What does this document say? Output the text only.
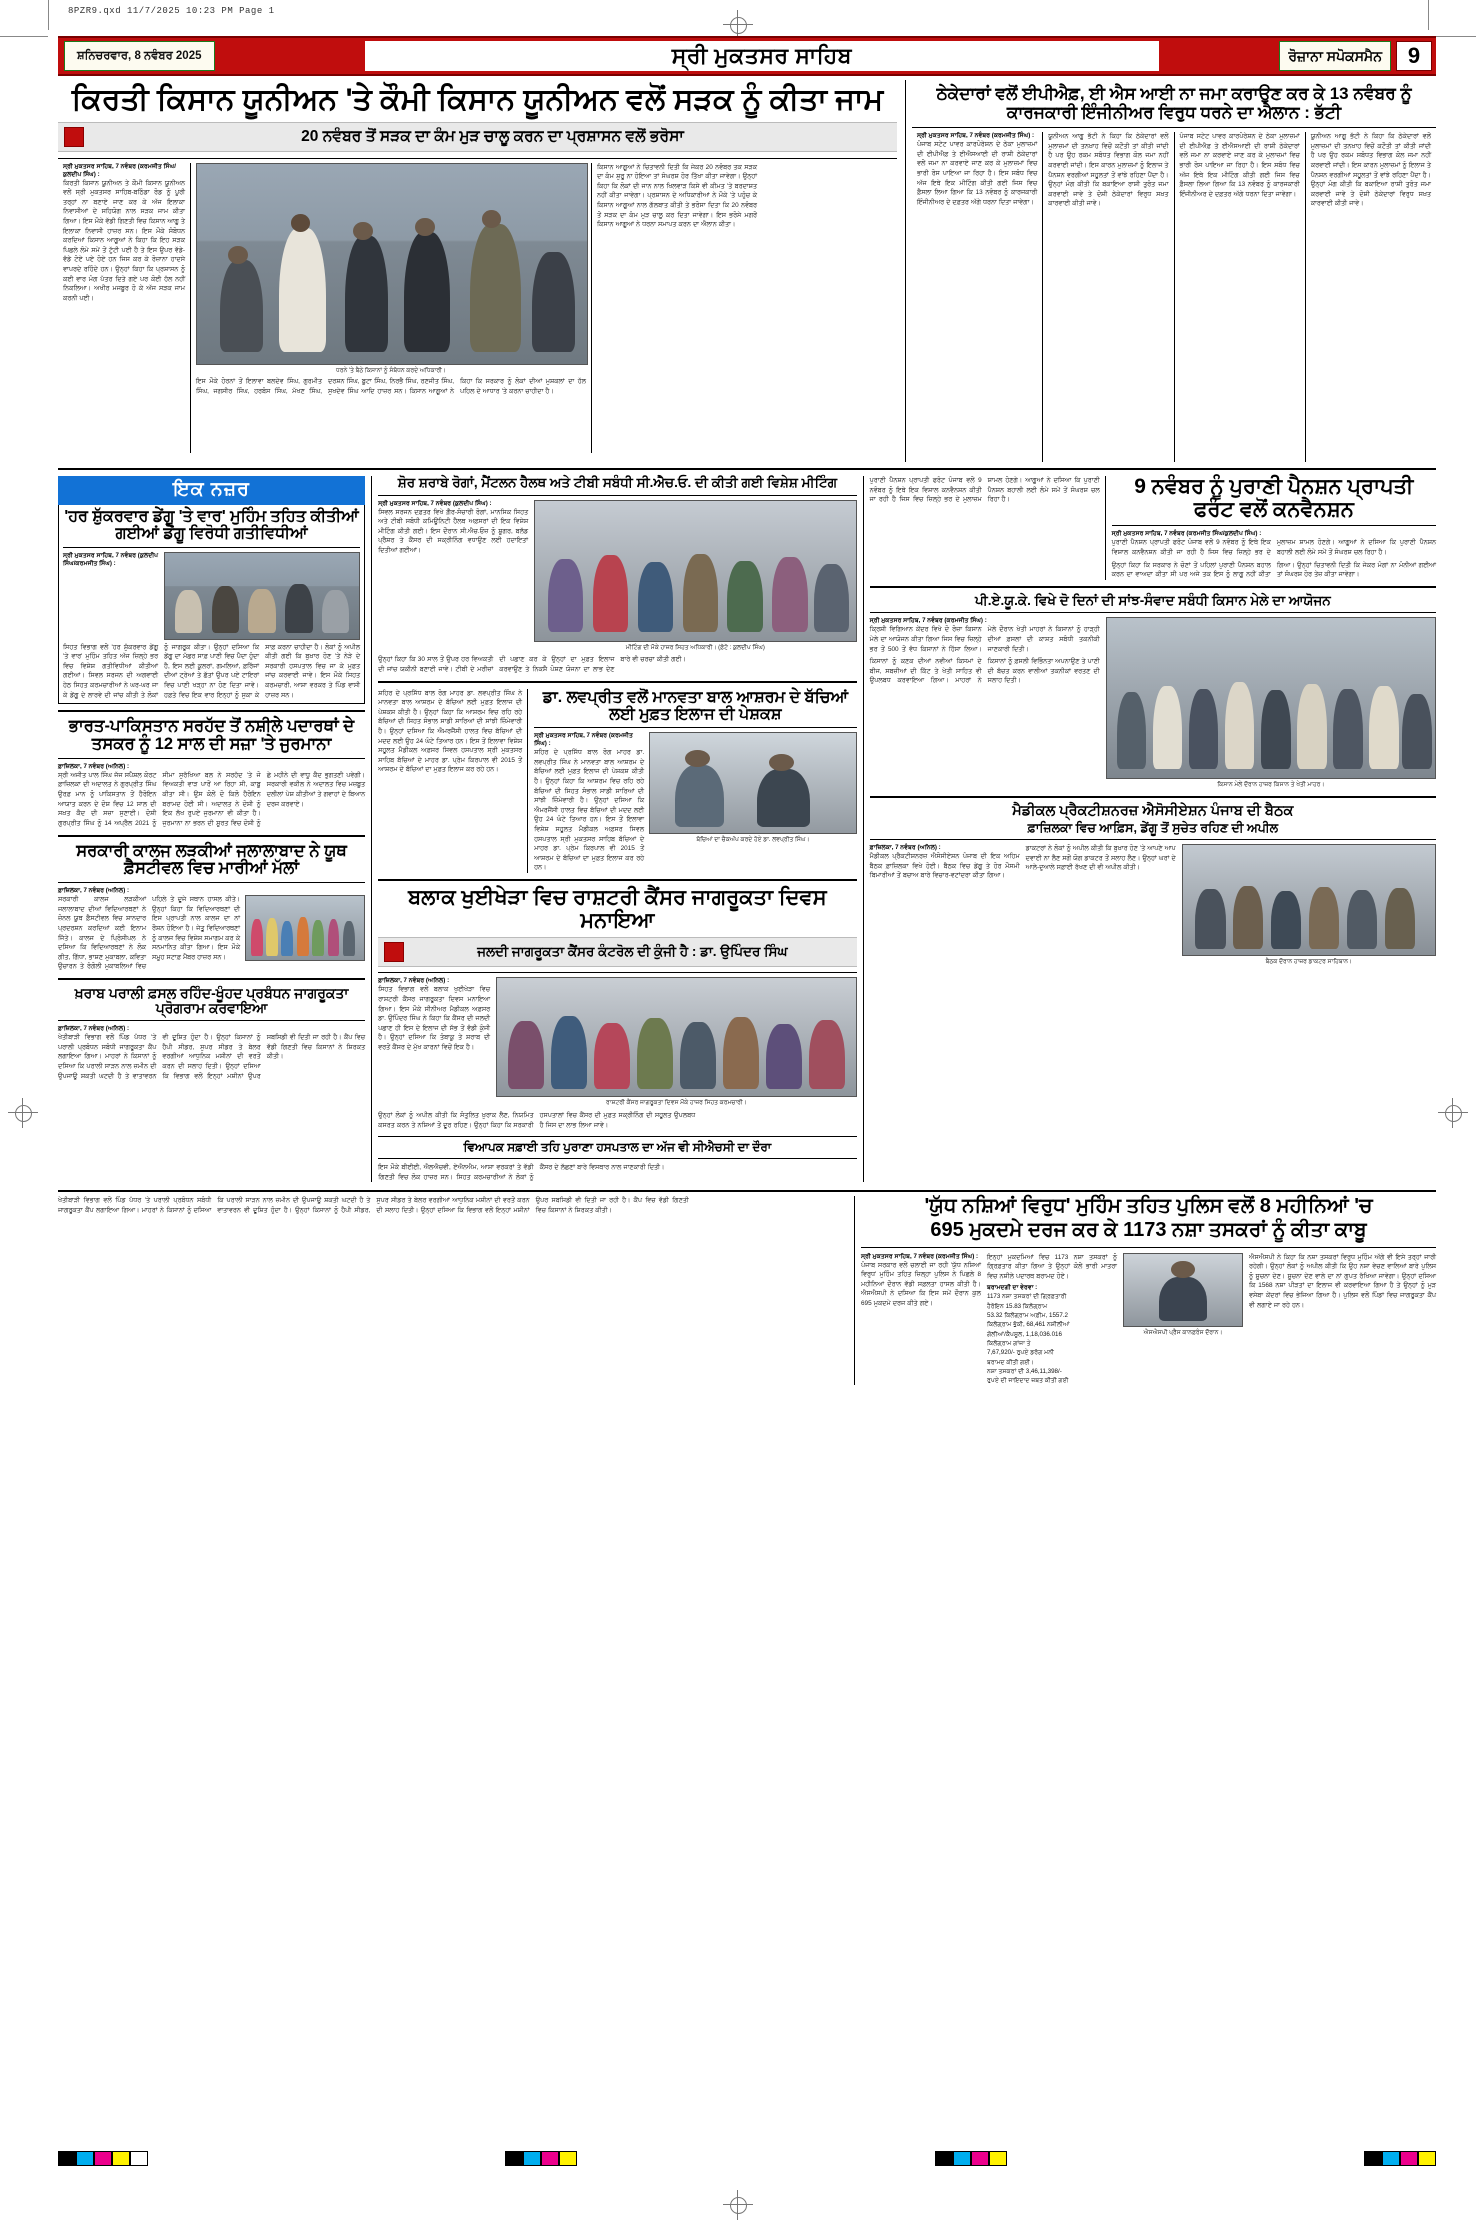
8PZR9.qxd 11/7/2025 10:23 PM Page 1
ਸ਼ਨਿਚਰਵਾਰ, 8 ਨਵੰਬਰ 2025	ਸ੍ਰੀ ਮੁਕਤਸਰ ਸਾਹਿਬ	ਰੋਜ਼ਾਨਾ ਸਪੋਕਸਮੈਨ	9
ਕਿਰਤੀ ਕਿਸਾਨ ਯੂਨੀਅਨ 'ਤੇ ਕੌਮੀ ਕਿਸਾਨ ਯੂਨੀਅਨ ਵਲੋਂ ਸੜਕ ਨੂੰ ਕੀਤਾ ਜਾਮ
20 ਨਵੰਬਰ ਤੋਂ ਸੜਕ ਦਾ ਕੰਮ ਮੁੜ ਚਾਲੂ ਕਰਨ ਦਾ ਪ੍ਰਸ਼ਾਸਨ ਵਲੋਂ ਭਰੋਸਾ
ਸ੍ਰੀ ਮੁਕਤਸਰ ਸਾਹਿਬ, 7 ਨਵੰਬਰ (ਕਰਮਜੀਤ ਸਿੰਘ/ਕੁਲਦੀਪ ਸਿੰਘ) :
ਕਿਰਤੀ ਕਿਸਾਨ ਯੂਨੀਅਨ ਤੇ ਕੌਮੀ ਕਿਸਾਨ ਯੂਨੀਅਨ ਵਲੋਂ ਸ੍ਰੀ ਮੁਕਤਸਰ ਸਾਹਿਬ-ਬਠਿੰਡਾ ਰੋਡ ਨੂੰ ਪੂਰੀ ਤਰ੍ਹਾਂ ਨਾ ਬਣਾਏ ਜਾਣ ਕਰ ਕੇ ਅੱਜ ਇਲਾਕਾ ਨਿਵਾਸੀਆਂ ਦੇ ਸਹਿਯੋਗ ਨਾਲ ਸੜਕ ਜਾਮ ਕੀਤਾ ਗਿਆ। ਇਸ ਮੌਕੇ ਵੱਡੀ ਗਿਣਤੀ ਵਿਚ ਕਿਸਾਨ ਆਗੂ ਤੇ ਇਲਾਕਾ ਨਿਵਾਸੀ ਹਾਜ਼ਰ ਸਨ। ਇਸ ਮੌਕੇ ਸੰਬੋਧਨ ਕਰਦਿਆਂ ਕਿਸਾਨ ਆਗੂਆਂ ਨੇ ਕਿਹਾ ਕਿ ਇਹ ਸੜਕ ਪਿਛਲੇ ਲੰਮੇ ਸਮੇਂ ਤੋਂ ਟੁੱਟੀ ਪਈ ਹੈ ਤੇ ਇਸ ਉਪਰ ਵੱਡੇ-ਵੱਡੇ ਟੋਏ ਪਏ ਹੋਏ ਹਨ ਜਿਸ ਕਰ ਕੇ ਰੋਜ਼ਾਨਾ ਹਾਦਸੇ ਵਾਪਰਦੇ ਰਹਿੰਦੇ ਹਨ। ਉਨ੍ਹਾਂ ਕਿਹਾ ਕਿ ਪ੍ਰਸ਼ਾਸਨ ਨੂੰ ਕਈ ਵਾਰ ਮੰਗ ਪੱਤਰ ਦਿਤੇ ਗਏ ਪਰ ਕੋਈ ਹੱਲ ਨਹੀਂ ਨਿਕਲਿਆ। ਅਖੀਰ ਮਜਬੂਰ ਹੋ ਕੇ ਅੱਜ ਸੜਕ ਜਾਮ ਕਰਨੀ ਪਈ।
ਧਰਨੇ 'ਤੇ ਬੈਠੇ ਕਿਸਾਨਾਂ ਨੂੰ ਸੰਬੋਧਨ ਕਰਦੇ ਅਧਿਕਾਰੀ।
ਇਸ ਮੌਕੇ ਹੋਰਨਾਂ ਤੋਂ ਇਲਾਵਾ ਬਲਦੇਵ ਸਿੰਘ, ਗੁਰਮੀਤ ਸਿੰਘ, ਜਗਸੀਰ ਸਿੰਘ, ਹਰਬੰਸ ਸਿੰਘ, ਮੱਖਣ ਸਿੰਘ, ਦਰਸ਼ਨ ਸਿੰਘ, ਬੂਟਾ ਸਿੰਘ, ਨਿਰਭੈ ਸਿੰਘ, ਰਣਜੀਤ ਸਿੰਘ, ਸੁਖਦੇਵ ਸਿੰਘ ਆਦਿ ਹਾਜ਼ਰ ਸਨ। ਕਿਸਾਨ ਆਗੂਆਂ ਨੇ ਕਿਹਾ ਕਿ ਸਰਕਾਰ ਨੂੰ ਲੋਕਾਂ ਦੀਆਂ ਮੁਸ਼ਕਲਾਂ ਦਾ ਹੱਲ ਪਹਿਲ ਦੇ ਆਧਾਰ 'ਤੇ ਕਰਨਾ ਚਾਹੀਦਾ ਹੈ।
ਕਿਸਾਨ ਆਗੂਆਂ ਨੇ ਚਿਤਾਵਨੀ ਦਿਤੀ ਕਿ ਜੇਕਰ 20 ਨਵੰਬਰ ਤਕ ਸੜਕ ਦਾ ਕੰਮ ਸ਼ੁਰੂ ਨਾ ਹੋਇਆ ਤਾਂ ਸੰਘਰਸ਼ ਹੋਰ ਤਿੱਖਾ ਕੀਤਾ ਜਾਵੇਗਾ। ਉਨ੍ਹਾਂ ਕਿਹਾ ਕਿ ਲੋਕਾਂ ਦੀ ਜਾਨ ਨਾਲ ਖਿਲਵਾੜ ਕਿਸੇ ਵੀ ਕੀਮਤ 'ਤੇ ਬਰਦਾਸ਼ਤ ਨਹੀਂ ਕੀਤਾ ਜਾਵੇਗਾ। ਪ੍ਰਸ਼ਾਸਨ ਦੇ ਅਧਿਕਾਰੀਆਂ ਨੇ ਮੌਕੇ 'ਤੇ ਪਹੁੰਚ ਕੇ ਕਿਸਾਨ ਆਗੂਆਂ ਨਾਲ ਗੱਲਬਾਤ ਕੀਤੀ ਤੇ ਭਰੋਸਾ ਦਿਤਾ ਕਿ 20 ਨਵੰਬਰ ਤੋਂ ਸੜਕ ਦਾ ਕੰਮ ਮੁੜ ਚਾਲੂ ਕਰ ਦਿਤਾ ਜਾਵੇਗਾ। ਇਸ ਭਰੋਸੇ ਮਗਰੋਂ ਕਿਸਾਨ ਆਗੂਆਂ ਨੇ ਧਰਨਾ ਸਮਾਪਤ ਕਰਨ ਦਾ ਐਲਾਨ ਕੀਤਾ।
ਠੇਕੇਦਾਰਾਂ ਵਲੋਂ ਈਪੀਐਫ਼, ਈ ਐਸ ਆਈ ਨਾ ਜਮਾ ਕਰਾਉਣ ਕਰ ਕੇ 13 ਨਵੰਬਰ ਨੂੰ ਕਾਰਜਕਾਰੀ ਇੰਜੀਨੀਅਰ ਵਿਰੁਧ ਧਰਨੇ ਦਾ ਐਲਾਨ : ਭੱਟੀ
ਸ੍ਰੀ ਮੁਕਤਸਰ ਸਾਹਿਬ, 7 ਨਵੰਬਰ (ਕਰਮਜੀਤ ਸਿੰਘ) :
ਪੰਜਾਬ ਸਟੇਟ ਪਾਵਰ ਕਾਰਪੋਰੇਸ਼ਨ ਦੇ ਠੇਕਾ ਮੁਲਾਜ਼ਮਾਂ ਦੀ ਈਪੀਐਫ਼ ਤੇ ਈਐਸਆਈ ਦੀ ਰਾਸ਼ੀ ਠੇਕੇਦਾਰਾਂ ਵਲੋਂ ਜਮਾ ਨਾ ਕਰਵਾਏ ਜਾਣ ਕਰ ਕੇ ਮੁਲਾਜ਼ਮਾਂ ਵਿਚ ਭਾਰੀ ਰੋਸ ਪਾਇਆ ਜਾ ਰਿਹਾ ਹੈ। ਇਸ ਸਬੰਧ ਵਿਚ ਅੱਜ ਇਥੇ ਇਕ ਮੀਟਿੰਗ ਕੀਤੀ ਗਈ ਜਿਸ ਵਿਚ ਫ਼ੈਸਲਾ ਲਿਆ ਗਿਆ ਕਿ 13 ਨਵੰਬਰ ਨੂੰ ਕਾਰਜਕਾਰੀ ਇੰਜੀਨੀਅਰ ਦੇ ਦਫ਼ਤਰ ਅੱਗੇ ਧਰਨਾ ਦਿਤਾ ਜਾਵੇਗਾ।
ਯੂਨੀਅਨ ਆਗੂ ਭੱਟੀ ਨੇ ਕਿਹਾ ਕਿ ਠੇਕੇਦਾਰਾਂ ਵਲੋਂ ਮੁਲਾਜ਼ਮਾਂ ਦੀ ਤਨਖ਼ਾਹ ਵਿਚੋਂ ਕਟੌਤੀ ਤਾਂ ਕੀਤੀ ਜਾਂਦੀ ਹੈ ਪਰ ਉਹ ਰਕਮ ਸਬੰਧਤ ਵਿਭਾਗ ਕੋਲ ਜਮਾ ਨਹੀਂ ਕਰਵਾਈ ਜਾਂਦੀ। ਇਸ ਕਾਰਨ ਮੁਲਾਜ਼ਮਾਂ ਨੂੰ ਇਲਾਜ ਤੇ ਪੈਨਸ਼ਨ ਵਰਗੀਆਂ ਸਹੂਲਤਾਂ ਤੋਂ ਵਾਂਝੇ ਰਹਿਣਾ ਪੈਂਦਾ ਹੈ। ਉਨ੍ਹਾਂ ਮੰਗ ਕੀਤੀ ਕਿ ਬਕਾਇਆ ਰਾਸ਼ੀ ਤੁਰੰਤ ਜਮਾ ਕਰਵਾਈ ਜਾਵੇ ਤੇ ਦੋਸ਼ੀ ਠੇਕੇਦਾਰਾਂ ਵਿਰੁਧ ਸਖ਼ਤ ਕਾਰਵਾਈ ਕੀਤੀ ਜਾਵੇ।
ਪੰਜਾਬ ਸਟੇਟ ਪਾਵਰ ਕਾਰਪੋਰੇਸ਼ਨ ਦੇ ਠੇਕਾ ਮੁਲਾਜ਼ਮਾਂ ਦੀ ਈਪੀਐਫ਼ ਤੇ ਈਐਸਆਈ ਦੀ ਰਾਸ਼ੀ ਠੇਕੇਦਾਰਾਂ ਵਲੋਂ ਜਮਾ ਨਾ ਕਰਵਾਏ ਜਾਣ ਕਰ ਕੇ ਮੁਲਾਜ਼ਮਾਂ ਵਿਚ ਭਾਰੀ ਰੋਸ ਪਾਇਆ ਜਾ ਰਿਹਾ ਹੈ। ਇਸ ਸਬੰਧ ਵਿਚ ਅੱਜ ਇਥੇ ਇਕ ਮੀਟਿੰਗ ਕੀਤੀ ਗਈ ਜਿਸ ਵਿਚ ਫ਼ੈਸਲਾ ਲਿਆ ਗਿਆ ਕਿ 13 ਨਵੰਬਰ ਨੂੰ ਕਾਰਜਕਾਰੀ ਇੰਜੀਨੀਅਰ ਦੇ ਦਫ਼ਤਰ ਅੱਗੇ ਧਰਨਾ ਦਿਤਾ ਜਾਵੇਗਾ।
ਯੂਨੀਅਨ ਆਗੂ ਭੱਟੀ ਨੇ ਕਿਹਾ ਕਿ ਠੇਕੇਦਾਰਾਂ ਵਲੋਂ ਮੁਲਾਜ਼ਮਾਂ ਦੀ ਤਨਖ਼ਾਹ ਵਿਚੋਂ ਕਟੌਤੀ ਤਾਂ ਕੀਤੀ ਜਾਂਦੀ ਹੈ ਪਰ ਉਹ ਰਕਮ ਸਬੰਧਤ ਵਿਭਾਗ ਕੋਲ ਜਮਾ ਨਹੀਂ ਕਰਵਾਈ ਜਾਂਦੀ। ਇਸ ਕਾਰਨ ਮੁਲਾਜ਼ਮਾਂ ਨੂੰ ਇਲਾਜ ਤੇ ਪੈਨਸ਼ਨ ਵਰਗੀਆਂ ਸਹੂਲਤਾਂ ਤੋਂ ਵਾਂਝੇ ਰਹਿਣਾ ਪੈਂਦਾ ਹੈ। ਉਨ੍ਹਾਂ ਮੰਗ ਕੀਤੀ ਕਿ ਬਕਾਇਆ ਰਾਸ਼ੀ ਤੁਰੰਤ ਜਮਾ ਕਰਵਾਈ ਜਾਵੇ ਤੇ ਦੋਸ਼ੀ ਠੇਕੇਦਾਰਾਂ ਵਿਰੁਧ ਸਖ਼ਤ ਕਾਰਵਾਈ ਕੀਤੀ ਜਾਵੇ।
ਇਕ ਨਜ਼ਰ
'ਹਰ ਸ਼ੁੱਕਰਵਾਰ ਡੇਂਗੂ 'ਤੇ ਵਾਰ' ਮੁਹਿੰਮ ਤਹਿਤ ਕੀਤੀਆਂ ਗਈਆਂ ਡੇਂਗੂ ਵਿਰੋਧੀ ਗਤੀਵਿਧੀਆਂ
ਸ੍ਰੀ ਮੁਕਤਸਰ ਸਾਹਿਬ, 7 ਨਵੰਬਰ (ਕੁਲਦੀਪ ਸਿੰਘ/ਕਰਮਜੀਤ ਸਿੰਘ) :
ਸਿਹਤ ਵਿਭਾਗ ਵਲੋਂ 'ਹਰ ਸ਼ੁੱਕਰਵਾਰ ਡੇਂਗੂ 'ਤੇ ਵਾਰ' ਮੁਹਿੰਮ ਤਹਿਤ ਅੱਜ ਜ਼ਿਲ੍ਹੇ ਭਰ ਵਿਚ ਵਿਸ਼ੇਸ਼ ਗਤੀਵਿਧੀਆਂ ਕੀਤੀਆਂ ਗਈਆਂ। ਸਿਵਲ ਸਰਜਨ ਦੀ ਅਗਵਾਈ ਹੇਠ ਸਿਹਤ ਕਰਮਚਾਰੀਆਂ ਨੇ ਘਰ-ਘਰ ਜਾ ਕੇ ਡੇਂਗੂ ਦੇ ਲਾਰਵੇ ਦੀ ਜਾਂਚ ਕੀਤੀ ਤੇ ਲੋਕਾਂ ਨੂੰ ਜਾਗਰੂਕ ਕੀਤਾ। ਉਨ੍ਹਾਂ ਦਸਿਆ ਕਿ ਡੇਂਗੂ ਦਾ ਮੱਛਰ ਸਾਫ਼ ਪਾਣੀ ਵਿਚ ਪੈਦਾ ਹੁੰਦਾ ਹੈ, ਇਸ ਲਈ ਕੂਲਰਾਂ, ਗਮਲਿਆਂ, ਫ਼ਰਿੱਜਾਂ ਦੀਆਂ ਟ੍ਰੇਆਂ ਤੇ ਛੱਤਾਂ ਉਪਰ ਪਏ ਟਾਇਰਾਂ ਵਿਚ ਪਾਣੀ ਖੜ੍ਹਾ ਨਾ ਹੋਣ ਦਿਤਾ ਜਾਵੇ। ਹਫ਼ਤੇ ਵਿਚ ਇਕ ਵਾਰ ਇਨ੍ਹਾਂ ਨੂੰ ਸੁਕਾ ਕੇ ਸਾਫ਼ ਕਰਨਾ ਚਾਹੀਦਾ ਹੈ। ਲੋਕਾਂ ਨੂੰ ਅਪੀਲ ਕੀਤੀ ਗਈ ਕਿ ਬੁਖ਼ਾਰ ਹੋਣ 'ਤੇ ਨੇੜੇ ਦੇ ਸਰਕਾਰੀ ਹਸਪਤਾਲ ਵਿਚ ਜਾ ਕੇ ਮੁਫ਼ਤ ਜਾਂਚ ਕਰਵਾਈ ਜਾਵੇ। ਇਸ ਮੌਕੇ ਸਿਹਤ ਕਰਮਚਾਰੀ, ਆਸ਼ਾ ਵਰਕਰ ਤੇ ਪਿੰਡ ਵਾਸੀ ਹਾਜ਼ਰ ਸਨ।
ਭਾਰਤ-ਪਾਕਿਸਤਾਨ ਸਰਹੱਦ ਤੋਂ ਨਸ਼ੀਲੇ ਪਦਾਰਥਾਂ ਦੇ ਤਸਕਰ ਨੂੰ 12 ਸਾਲ ਦੀ ਸਜ਼ਾ 'ਤੇ ਜੁਰਮਾਨਾ
ਫ਼ਾਜ਼ਿਲਕਾ, 7 ਨਵੰਬਰ (ਅਨਿਲ) :
ਸ੍ਰੀ ਅਜੀਤ ਪਾਲ ਸਿੰਘ ਜੱਜ ਸਪੈਸ਼ਲ ਕੋਰਟ ਫ਼ਾਜ਼ਿਲਕਾ ਦੀ ਅਦਾਲਤ ਨੇ ਗੁਰਪ੍ਰੀਤ ਸਿੰਘ ਉਰਫ਼ ਮਾਨ ਨੂੰ ਪਾਕਿਸਤਾਨ ਤੋਂ ਹੈਰੋਇਨ ਆਯਾਤ ਕਰਨ ਦੇ ਦੋਸ਼ ਵਿਚ 12 ਸਾਲ ਦੀ ਸਖ਼ਤ ਕੈਦ ਦੀ ਸਜ਼ਾ ਸੁਣਾਈ। ਦੋਸ਼ੀ ਗੁਰਪ੍ਰੀਤ ਸਿੰਘ ਨੂੰ 14 ਅਪ੍ਰੈਲ 2021 ਨੂੰ ਸੀਮਾ ਸੁਰੱਖਿਆ ਬਲ ਨੇ ਸਰਹੱਦ 'ਤੇ ਜੋ ਵਿਅਕਤੀ ਵਾੜ ਪਾਰੋਂ ਆ ਰਿਹਾ ਸੀ, ਕਾਬੂ ਕੀਤਾ ਸੀ। ਉਸ ਕੋਲੋਂ ਦੋ ਕਿਲੋ ਹੈਰੋਇਨ ਬਰਾਮਦ ਹੋਈ ਸੀ। ਅਦਾਲਤ ਨੇ ਦੋਸ਼ੀ ਨੂੰ ਇਕ ਲੱਖ ਰੁਪਏ ਜੁਰਮਾਨਾ ਵੀ ਕੀਤਾ ਹੈ। ਜੁਰਮਾਨਾ ਨਾ ਭਰਨ ਦੀ ਸੂਰਤ ਵਿਚ ਦੋਸ਼ੀ ਨੂੰ ਛੇ ਮਹੀਨੇ ਦੀ ਵਾਧੂ ਕੈਦ ਭੁਗਤਣੀ ਪਵੇਗੀ। ਸਰਕਾਰੀ ਵਕੀਲ ਨੇ ਅਦਾਲਤ ਵਿਚ ਮਜ਼ਬੂਤ ਦਲੀਲਾਂ ਪੇਸ਼ ਕੀਤੀਆਂ ਤੇ ਗਵਾਹਾਂ ਦੇ ਬਿਆਨ ਦਰਜ ਕਰਵਾਏ।
ਸਰਕਾਰੀ ਕਾਲਜ ਲੜਕੀਆਂ ਜਲਾਲਾਬਾਦ ਨੇ ਯੂਥ ਫ਼ੈਸਟੀਵਲ ਵਿਚ ਮਾਰੀਆਂ ਮੱਲਾਂ
ਫ਼ਾਜ਼ਿਲਕਾ, 7 ਨਵੰਬਰ (ਅਨਿਲ) :
ਸਰਕਾਰੀ ਕਾਲਜ ਲੜਕੀਆਂ ਜਲਾਲਾਬਾਦ ਦੀਆਂ ਵਿਦਿਆਰਥਣਾਂ ਨੇ ਜ਼ੋਨਲ ਯੂਥ ਫ਼ੈਸਟੀਵਲ ਵਿਚ ਸ਼ਾਨਦਾਰ ਪ੍ਰਦਰਸ਼ਨ ਕਰਦਿਆਂ ਕਈ ਇਨਾਮ ਜਿੱਤੇ। ਕਾਲਜ ਦੇ ਪ੍ਰਿੰਸੀਪਲ ਨੇ ਦਸਿਆ ਕਿ ਵਿਦਿਆਰਥਣਾਂ ਨੇ ਲੋਕ ਗੀਤ, ਗਿੱਧਾ, ਭਾਸ਼ਣ ਮੁਕਾਬਲਾ, ਕਵਿਤਾ ਉਚਾਰਨ ਤੇ ਰੰਗੋਲੀ ਮੁਕਾਬਲਿਆਂ ਵਿਚ ਪਹਿਲੇ ਤੇ ਦੂਜੇ ਸਥਾਨ ਹਾਸਲ ਕੀਤੇ। ਉਨ੍ਹਾਂ ਕਿਹਾ ਕਿ ਵਿਦਿਆਰਥਣਾਂ ਦੀ ਇਸ ਪ੍ਰਾਪਤੀ ਨਾਲ ਕਾਲਜ ਦਾ ਨਾਂ ਰੌਸ਼ਨ ਹੋਇਆ ਹੈ। ਜੇਤੂ ਵਿਦਿਆਰਥਣਾਂ ਨੂੰ ਕਾਲਜ ਵਿਚ ਵਿਸ਼ੇਸ਼ ਸਮਾਗਮ ਕਰ ਕੇ ਸਨਮਾਨਿਤ ਕੀਤਾ ਗਿਆ। ਇਸ ਮੌਕੇ ਸਮੂਹ ਸਟਾਫ਼ ਮੈਂਬਰ ਹਾਜ਼ਰ ਸਨ।
ਖ਼ਰਾਬ ਪਰਾਲੀ ਫ਼ਸਲ ਰਹਿੰਦ-ਖੂੰਹਦ ਪ੍ਰਬੰਧਨ ਜਾਗਰੂਕਤਾ ਪ੍ਰੋਗਰਾਮ ਕਰਵਾਇਆ
ਫ਼ਾਜ਼ਿਲਕਾ, 7 ਨਵੰਬਰ (ਅਨਿਲ) :
ਖੇਤੀਬਾੜੀ ਵਿਭਾਗ ਵਲੋਂ ਪਿੰਡ ਪੱਧਰ 'ਤੇ ਪਰਾਲੀ ਪ੍ਰਬੰਧਨ ਸਬੰਧੀ ਜਾਗਰੂਕਤਾ ਕੈਂਪ ਲਗਾਇਆ ਗਿਆ। ਮਾਹਰਾਂ ਨੇ ਕਿਸਾਨਾਂ ਨੂੰ ਦਸਿਆ ਕਿ ਪਰਾਲੀ ਸਾੜਨ ਨਾਲ ਜ਼ਮੀਨ ਦੀ ਉਪਜਾਊ ਸ਼ਕਤੀ ਘਟਦੀ ਹੈ ਤੇ ਵਾਤਾਵਰਨ ਵੀ ਦੂਸ਼ਿਤ ਹੁੰਦਾ ਹੈ। ਉਨ੍ਹਾਂ ਕਿਸਾਨਾਂ ਨੂੰ ਹੈਪੀ ਸੀਡਰ, ਸੁਪਰ ਸੀਡਰ ਤੇ ਬੇਲਰ ਵਰਗੀਆਂ ਆਧੁਨਿਕ ਮਸ਼ੀਨਾਂ ਦੀ ਵਰਤੋਂ ਕਰਨ ਦੀ ਸਲਾਹ ਦਿਤੀ। ਉਨ੍ਹਾਂ ਦਸਿਆ ਕਿ ਵਿਭਾਗ ਵਲੋਂ ਇਨ੍ਹਾਂ ਮਸ਼ੀਨਾਂ ਉਪਰ ਸਬਸਿਡੀ ਵੀ ਦਿਤੀ ਜਾ ਰਹੀ ਹੈ। ਕੈਂਪ ਵਿਚ ਵੱਡੀ ਗਿਣਤੀ ਵਿਚ ਕਿਸਾਨਾਂ ਨੇ ਸ਼ਿਰਕਤ ਕੀਤੀ।
ਸ਼ੋਰ ਸ਼ਰਾਬੇ ਰੋਗਾਂ, ਮੈਂਟਲਨ ਹੈਲਥ ਅਤੇ ਟੀਬੀ ਸਬੰਧੀ ਸੀ.ਐਚ.ਓ. ਦੀ ਕੀਤੀ ਗਈ ਵਿਸ਼ੇਸ਼ ਮੀਟਿੰਗ
ਸ੍ਰੀ ਮੁਕਤਸਰ ਸਾਹਿਬ, 7 ਨਵੰਬਰ (ਕੁਲਦੀਪ ਸਿੰਘ) :
ਸਿਵਲ ਸਰਜਨ ਦਫ਼ਤਰ ਵਿਖੇ ਗ਼ੈਰ-ਸੰਚਾਰੀ ਰੋਗਾਂ, ਮਾਨਸਿਕ ਸਿਹਤ ਅਤੇ ਟੀਬੀ ਸਬੰਧੀ ਕਮਿਊਨਿਟੀ ਹੈਲਥ ਅਫ਼ਸਰਾਂ ਦੀ ਇਕ ਵਿਸ਼ੇਸ਼ ਮੀਟਿੰਗ ਕੀਤੀ ਗਈ। ਇਸ ਦੌਰਾਨ ਸੀ.ਐਚ.ਓਜ਼ ਨੂੰ ਸ਼ੂਗਰ, ਬਲੱਡ ਪ੍ਰੈਸ਼ਰ ਤੇ ਕੈਂਸਰ ਦੀ ਸਕ੍ਰੀਨਿੰਗ ਵਧਾਉਣ ਲਈ ਹਦਾਇਤਾਂ ਦਿਤੀਆਂ ਗਈਆਂ।
ਮੀਟਿੰਗ ਦੀ ਮੌਕੇ ਹਾਜ਼ਰ ਸਿਹਤ ਅਧਿਕਾਰੀ। (ਫ਼ੋਟੋ : ਕੁਲਦੀਪ ਸਿੰਘ)
ਉਨ੍ਹਾਂ ਕਿਹਾ ਕਿ 30 ਸਾਲ ਤੋਂ ਉਪਰ ਹਰ ਵਿਅਕਤੀ ਦੀ ਜਾਂਚ ਯਕੀਨੀ ਬਣਾਈ ਜਾਵੇ। ਟੀਬੀ ਦੇ ਮਰੀਜ਼ਾਂ ਦੀ ਪਛਾਣ ਕਰ ਕੇ ਉਨ੍ਹਾਂ ਦਾ ਮੁਫ਼ਤ ਇਲਾਜ ਕਰਵਾਉਣ ਤੇ ਨਿਕਸ਼ੈ ਪੋਸ਼ਣ ਯੋਜਨਾ ਦਾ ਲਾਭ ਦੇਣ ਬਾਰੇ ਵੀ ਚਰਚਾ ਕੀਤੀ ਗਈ।
ਸ਼ਹਿਰ ਦੇ ਪ੍ਰਸਿੱਧ ਬਾਲ ਰੋਗ ਮਾਹਰ ਡਾ. ਲਵਪ੍ਰੀਤ ਸਿੰਘ ਨੇ ਮਾਨਵਤਾ ਬਾਲ ਆਸ਼ਰਮ ਦੇ ਬੱਚਿਆਂ ਲਈ ਮੁਫ਼ਤ ਇਲਾਜ ਦੀ ਪੇਸ਼ਕਸ਼ ਕੀਤੀ ਹੈ। ਉਨ੍ਹਾਂ ਕਿਹਾ ਕਿ ਆਸ਼ਰਮ ਵਿਚ ਰਹਿ ਰਹੇ ਬੱਚਿਆਂ ਦੀ ਸਿਹਤ ਸੰਭਾਲ ਸਾਡੀ ਸਾਰਿਆਂ ਦੀ ਸਾਂਝੀ ਜ਼ਿੰਮੇਵਾਰੀ ਹੈ। ਉਨ੍ਹਾਂ ਦਸਿਆ ਕਿ ਐਮਰਜੈਂਸੀ ਹਾਲਤ ਵਿਚ ਬੱਚਿਆਂ ਦੀ ਮਦਦ ਲਈ ਉਹ 24 ਘੰਟੇ ਤਿਆਰ ਹਨ। ਇਸ ਤੋਂ ਇਲਾਵਾ ਵਿਸ਼ੇਸ਼ ਸਹੂਲਤ ਮੈਡੀਕਲ ਅਫ਼ਸਰ ਸਿਵਲ ਹਸਪਤਾਲ ਸ੍ਰੀ ਮੁਕਤਸਰ ਸਾਹਿਬ ਬੱਚਿਆਂ ਦੇ ਮਾਹਰ ਡਾ. ਪ੍ਰੇਮ ਕਿਰਪਾਲ ਵੀ 2015 ਤੋਂ ਆਸ਼ਰਮ ਦੇ ਬੱਚਿਆਂ ਦਾ ਮੁਫ਼ਤ ਇਲਾਜ ਕਰ ਰਹੇ ਹਨ।
ਡਾ. ਲਵਪ੍ਰੀਤ ਵਲੋਂ ਮਾਨਵਤਾ ਬਾਲ ਆਸ਼ਰਮ ਦੇ ਬੱਚਿਆਂ ਲਈ ਮੁਫ਼ਤ ਇਲਾਜ ਦੀ ਪੇਸ਼ਕਸ਼
ਸ੍ਰੀ ਮੁਕਤਸਰ ਸਾਹਿਬ, 7 ਨਵੰਬਰ (ਕਰਮਜੀਤ ਸਿੰਘ) :
ਸ਼ਹਿਰ ਦੇ ਪ੍ਰਸਿੱਧ ਬਾਲ ਰੋਗ ਮਾਹਰ ਡਾ. ਲਵਪ੍ਰੀਤ ਸਿੰਘ ਨੇ ਮਾਨਵਤਾ ਬਾਲ ਆਸ਼ਰਮ ਦੇ ਬੱਚਿਆਂ ਲਈ ਮੁਫ਼ਤ ਇਲਾਜ ਦੀ ਪੇਸ਼ਕਸ਼ ਕੀਤੀ ਹੈ। ਉਨ੍ਹਾਂ ਕਿਹਾ ਕਿ ਆਸ਼ਰਮ ਵਿਚ ਰਹਿ ਰਹੇ ਬੱਚਿਆਂ ਦੀ ਸਿਹਤ ਸੰਭਾਲ ਸਾਡੀ ਸਾਰਿਆਂ ਦੀ ਸਾਂਝੀ ਜ਼ਿੰਮੇਵਾਰੀ ਹੈ। ਉਨ੍ਹਾਂ ਦਸਿਆ ਕਿ ਐਮਰਜੈਂਸੀ ਹਾਲਤ ਵਿਚ ਬੱਚਿਆਂ ਦੀ ਮਦਦ ਲਈ ਉਹ 24 ਘੰਟੇ ਤਿਆਰ ਹਨ। ਇਸ ਤੋਂ ਇਲਾਵਾ ਵਿਸ਼ੇਸ਼ ਸਹੂਲਤ ਮੈਡੀਕਲ ਅਫ਼ਸਰ ਸਿਵਲ ਹਸਪਤਾਲ ਸ੍ਰੀ ਮੁਕਤਸਰ ਸਾਹਿਬ ਬੱਚਿਆਂ ਦੇ ਮਾਹਰ ਡਾ. ਪ੍ਰੇਮ ਕਿਰਪਾਲ ਵੀ 2015 ਤੋਂ ਆਸ਼ਰਮ ਦੇ ਬੱਚਿਆਂ ਦਾ ਮੁਫ਼ਤ ਇਲਾਜ ਕਰ ਰਹੇ ਹਨ।
ਬੱਚਿਆਂ ਦਾ ਚੈਕਅੱਪ ਕਰਦੇ ਹੋਏ ਡਾ. ਲਵਪ੍ਰੀਤ ਸਿੰਘ।
ਬਲਾਕ ਖੁਈਖੇੜਾ ਵਿਚ ਰਾਸ਼ਟਰੀ ਕੈਂਸਰ ਜਾਗਰੂਕਤਾ ਦਿਵਸ ਮਨਾਇਆ
ਜਲਦੀ ਜਾਗਰੂਕਤਾ ਕੈਂਸਰ ਕੰਟਰੋਲ ਦੀ ਕੁੰਜੀ ਹੈ : ਡਾ. ਉਪਿੰਦਰ ਸਿੰਘ
ਫ਼ਾਜ਼ਿਲਕਾ, 7 ਨਵੰਬਰ (ਅਨਿਲ) :
ਸਿਹਤ ਵਿਭਾਗ ਵਲੋਂ ਬਲਾਕ ਖੁਈਖੇੜਾ ਵਿਚ ਰਾਸ਼ਟਰੀ ਕੈਂਸਰ ਜਾਗਰੂਕਤਾ ਦਿਵਸ ਮਨਾਇਆ ਗਿਆ। ਇਸ ਮੌਕੇ ਸੀਨੀਅਰ ਮੈਡੀਕਲ ਅਫ਼ਸਰ ਡਾ. ਉਪਿੰਦਰ ਸਿੰਘ ਨੇ ਕਿਹਾ ਕਿ ਕੈਂਸਰ ਦੀ ਜਲਦੀ ਪਛਾਣ ਹੀ ਇਸ ਦੇ ਇਲਾਜ ਦੀ ਸੱਭ ਤੋਂ ਵੱਡੀ ਕੁੰਜੀ ਹੈ। ਉਨ੍ਹਾਂ ਦਸਿਆ ਕਿ ਤੰਬਾਕੂ ਤੇ ਸ਼ਰਾਬ ਦੀ ਵਰਤੋਂ ਕੈਂਸਰ ਦੇ ਮੁੱਖ ਕਾਰਨਾਂ ਵਿਚੋਂ ਇਕ ਹੈ।
ਰਾਸ਼ਟਰੀ ਕੈਂਸਰ ਜਾਗਰੂਕਤਾ ਦਿਵਸ ਮੌਕੇ ਹਾਜ਼ਰ ਸਿਹਤ ਕਰਮਚਾਰੀ।
ਉਨ੍ਹਾਂ ਲੋਕਾਂ ਨੂੰ ਅਪੀਲ ਕੀਤੀ ਕਿ ਸੰਤੁਲਿਤ ਖ਼ੁਰਾਕ ਲੈਣ, ਨਿਯਮਿਤ ਕਸਰਤ ਕਰਨ ਤੇ ਨਸ਼ਿਆਂ ਤੋਂ ਦੂਰ ਰਹਿਣ। ਉਨ੍ਹਾਂ ਕਿਹਾ ਕਿ ਸਰਕਾਰੀ ਹਸਪਤਾਲਾਂ ਵਿਚ ਕੈਂਸਰ ਦੀ ਮੁਫ਼ਤ ਸਕ੍ਰੀਨਿੰਗ ਦੀ ਸਹੂਲਤ ਉਪਲਬਧ ਹੈ ਜਿਸ ਦਾ ਲਾਭ ਲਿਆ ਜਾਵੇ।
ਵਿਆਪਕ ਸਫ਼ਾਈ ਤਹਿ ਪੁਰਾਣਾ ਹਸਪਤਾਲ ਦਾ ਅੱਜ ਵੀ ਸੀਐਚਸੀ ਦਾ ਦੌਰਾ
ਇਸ ਮੌਕੇ ਬੀਈਈ, ਐਲਐਚਵੀ, ਏਐਨਐਮ, ਆਸ਼ਾ ਵਰਕਰਾਂ ਤੇ ਵੱਡੀ ਗਿਣਤੀ ਵਿਚ ਲੋਕ ਹਾਜ਼ਰ ਸਨ। ਸਿਹਤ ਕਰਮਚਾਰੀਆਂ ਨੇ ਲੋਕਾਂ ਨੂੰ ਕੈਂਸਰ ਦੇ ਲੱਛਣਾਂ ਬਾਰੇ ਵਿਸਥਾਰ ਨਾਲ ਜਾਣਕਾਰੀ ਦਿਤੀ।
ਪੁਰਾਣੀ ਪੈਨਸ਼ਨ ਪ੍ਰਾਪਤੀ ਫਰੰਟ ਪੰਜਾਬ ਵਲੋਂ 9 ਨਵੰਬਰ ਨੂੰ ਇਥੇ ਇਕ ਵਿਸ਼ਾਲ ਕਨਵੈਨਸ਼ਨ ਕੀਤੀ ਜਾ ਰਹੀ ਹੈ ਜਿਸ ਵਿਚ ਜ਼ਿਲ੍ਹੇ ਭਰ ਦੇ ਮੁਲਾਜ਼ਮ ਸ਼ਾਮਲ ਹੋਣਗੇ। ਆਗੂਆਂ ਨੇ ਦਸਿਆ ਕਿ ਪੁਰਾਣੀ ਪੈਨਸ਼ਨ ਬਹਾਲੀ ਲਈ ਲੰਮੇ ਸਮੇਂ ਤੋਂ ਸੰਘਰਸ਼ ਚਲ ਰਿਹਾ ਹੈ।
9 ਨਵੰਬਰ ਨੂੰ ਪੁਰਾਣੀ ਪੈਨਸ਼ਨ ਪ੍ਰਾਪਤੀ ਫਰੰਟ ਵਲੋਂ ਕਨਵੈਨਸ਼ਨ
ਸ੍ਰੀ ਮੁਕਤਸਰ ਸਾਹਿਬ, 7 ਨਵੰਬਰ (ਕਰਮਜੀਤ ਸਿੰਘ/ਕੁਲਦੀਪ ਸਿੰਘ) :
ਪੁਰਾਣੀ ਪੈਨਸ਼ਨ ਪ੍ਰਾਪਤੀ ਫਰੰਟ ਪੰਜਾਬ ਵਲੋਂ 9 ਨਵੰਬਰ ਨੂੰ ਇਥੇ ਇਕ ਵਿਸ਼ਾਲ ਕਨਵੈਨਸ਼ਨ ਕੀਤੀ ਜਾ ਰਹੀ ਹੈ ਜਿਸ ਵਿਚ ਜ਼ਿਲ੍ਹੇ ਭਰ ਦੇ ਮੁਲਾਜ਼ਮ ਸ਼ਾਮਲ ਹੋਣਗੇ। ਆਗੂਆਂ ਨੇ ਦਸਿਆ ਕਿ ਪੁਰਾਣੀ ਪੈਨਸ਼ਨ ਬਹਾਲੀ ਲਈ ਲੰਮੇ ਸਮੇਂ ਤੋਂ ਸੰਘਰਸ਼ ਚਲ ਰਿਹਾ ਹੈ।
ਉਨ੍ਹਾਂ ਕਿਹਾ ਕਿ ਸਰਕਾਰ ਨੇ ਚੋਣਾਂ ਤੋਂ ਪਹਿਲਾਂ ਪੁਰਾਣੀ ਪੈਨਸ਼ਨ ਬਹਾਲ ਕਰਨ ਦਾ ਵਾਅਦਾ ਕੀਤਾ ਸੀ ਪਰ ਅਜੇ ਤਕ ਇਸ ਨੂੰ ਲਾਗੂ ਨਹੀਂ ਕੀਤਾ ਗਿਆ। ਉਨ੍ਹਾਂ ਚਿਤਾਵਨੀ ਦਿਤੀ ਕਿ ਜੇਕਰ ਮੰਗਾਂ ਨਾ ਮੰਨੀਆਂ ਗਈਆਂ ਤਾਂ ਸੰਘਰਸ਼ ਹੋਰ ਤੇਜ਼ ਕੀਤਾ ਜਾਵੇਗਾ।
ਪੀ.ਏ.ਯੂ.ਕੇ. ਵਿਖੇ ਦੋ ਦਿਨਾਂ ਦੀ ਸਾਂਝ-ਸੰਵਾਦ ਸਬੰਧੀ ਕਿਸਾਨ ਮੇਲੇ ਦਾ ਆਯੋਜਨ
ਸ੍ਰੀ ਮੁਕਤਸਰ ਸਾਹਿਬ, 7 ਨਵੰਬਰ (ਕਰਮਜੀਤ ਸਿੰਘ) :
ਕ੍ਰਿਸ਼ੀ ਵਿਗਿਆਨ ਕੇਂਦਰ ਵਿਖੇ ਦੋ ਰੋਜ਼ਾ ਕਿਸਾਨ ਮੇਲੇ ਦਾ ਆਯੋਜਨ ਕੀਤਾ ਗਿਆ ਜਿਸ ਵਿਚ ਜ਼ਿਲ੍ਹੇ ਭਰ ਤੋਂ 500 ਤੋਂ ਵੱਧ ਕਿਸਾਨਾਂ ਨੇ ਹਿੱਸਾ ਲਿਆ। ਮੇਲੇ ਦੌਰਾਨ ਖੇਤੀ ਮਾਹਰਾਂ ਨੇ ਕਿਸਾਨਾਂ ਨੂੰ ਹਾੜ੍ਹੀ ਦੀਆਂ ਫ਼ਸਲਾਂ ਦੀ ਕਾਸ਼ਤ ਸਬੰਧੀ ਤਕਨੀਕੀ ਜਾਣਕਾਰੀ ਦਿਤੀ।
ਕਿਸਾਨਾਂ ਨੂੰ ਕਣਕ ਦੀਆਂ ਨਵੀਆਂ ਕਿਸਮਾਂ ਦੇ ਬੀਜ, ਸਬਜ਼ੀਆਂ ਦੀ ਕਿੱਟ ਤੇ ਖੇਤੀ ਸਾਹਿਤ ਵੀ ਉਪਲਬਧ ਕਰਵਾਇਆ ਗਿਆ। ਮਾਹਰਾਂ ਨੇ ਕਿਸਾਨਾਂ ਨੂੰ ਫ਼ਸਲੀ ਵਿਭਿੰਨਤਾ ਅਪਨਾਉਣ ਤੇ ਪਾਣੀ ਦੀ ਬੱਚਤ ਕਰਨ ਵਾਲੀਆਂ ਤਕਨੀਕਾਂ ਵਰਤਣ ਦੀ ਸਲਾਹ ਦਿਤੀ।
ਕਿਸਾਨ ਮੇਲੇ ਦੌਰਾਨ ਹਾਜ਼ਰ ਕਿਸਾਨ ਤੇ ਖੇਤੀ ਮਾਹਰ।
ਮੈਡੀਕਲ ਪ੍ਰੈਕਟੀਸ਼ਨਰਜ਼ ਐਸੋਸੀਏਸ਼ਨ ਪੰਜਾਬ ਦੀ ਬੈਠਕ
ਫ਼ਾਜ਼ਿਲਕਾ ਵਿਚ ਆਫ਼ਿਸ, ਡੇਂਗੂ ਤੋਂ ਸੁਚੇਤ ਰਹਿਣ ਦੀ ਅਪੀਲ
ਫ਼ਾਜ਼ਿਲਕਾ, 7 ਨਵੰਬਰ (ਅਨਿਲ) :
ਮੈਡੀਕਲ ਪ੍ਰੈਕਟੀਸ਼ਨਰਜ਼ ਐਸੋਸੀਏਸ਼ਨ ਪੰਜਾਬ ਦੀ ਇਕ ਅਹਿਮ ਬੈਠਕ ਫ਼ਾਜ਼ਿਲਕਾ ਵਿਖੇ ਹੋਈ। ਬੈਠਕ ਵਿਚ ਡੇਂਗੂ ਤੇ ਹੋਰ ਮੌਸਮੀ ਬਿਮਾਰੀਆਂ ਤੋਂ ਬਚਾਅ ਬਾਰੇ ਵਿਚਾਰ-ਵਟਾਂਦਰਾ ਕੀਤਾ ਗਿਆ।
ਡਾਕਟਰਾਂ ਨੇ ਲੋਕਾਂ ਨੂੰ ਅਪੀਲ ਕੀਤੀ ਕਿ ਬੁਖ਼ਾਰ ਹੋਣ 'ਤੇ ਆਪਣੇ ਆਪ ਦਵਾਈ ਨਾ ਲੈਣ ਸਗੋਂ ਯੋਗ ਡਾਕਟਰ ਤੋਂ ਸਲਾਹ ਲੈਣ। ਉਨ੍ਹਾਂ ਘਰਾਂ ਦੇ ਆਲੇ-ਦੁਆਲੇ ਸਫ਼ਾਈ ਰੱਖਣ ਦੀ ਵੀ ਅਪੀਲ ਕੀਤੀ।
ਬੈਠਕ ਦੌਰਾਨ ਹਾਜ਼ਰ ਡਾਕਟਰ ਸਾਹਿਬਾਨ।
ਖੇਤੀਬਾੜੀ ਵਿਭਾਗ ਵਲੋਂ ਪਿੰਡ ਪੱਧਰ 'ਤੇ ਪਰਾਲੀ ਪ੍ਰਬੰਧਨ ਸਬੰਧੀ ਜਾਗਰੂਕਤਾ ਕੈਂਪ ਲਗਾਇਆ ਗਿਆ। ਮਾਹਰਾਂ ਨੇ ਕਿਸਾਨਾਂ ਨੂੰ ਦਸਿਆ ਕਿ ਪਰਾਲੀ ਸਾੜਨ ਨਾਲ ਜ਼ਮੀਨ ਦੀ ਉਪਜਾਊ ਸ਼ਕਤੀ ਘਟਦੀ ਹੈ ਤੇ ਵਾਤਾਵਰਨ ਵੀ ਦੂਸ਼ਿਤ ਹੁੰਦਾ ਹੈ। ਉਨ੍ਹਾਂ ਕਿਸਾਨਾਂ ਨੂੰ ਹੈਪੀ ਸੀਡਰ, ਸੁਪਰ ਸੀਡਰ ਤੇ ਬੇਲਰ ਵਰਗੀਆਂ ਆਧੁਨਿਕ ਮਸ਼ੀਨਾਂ ਦੀ ਵਰਤੋਂ ਕਰਨ ਦੀ ਸਲਾਹ ਦਿਤੀ। ਉਨ੍ਹਾਂ ਦਸਿਆ ਕਿ ਵਿਭਾਗ ਵਲੋਂ ਇਨ੍ਹਾਂ ਮਸ਼ੀਨਾਂ ਉਪਰ ਸਬਸਿਡੀ ਵੀ ਦਿਤੀ ਜਾ ਰਹੀ ਹੈ। ਕੈਂਪ ਵਿਚ ਵੱਡੀ ਗਿਣਤੀ ਵਿਚ ਕਿਸਾਨਾਂ ਨੇ ਸ਼ਿਰਕਤ ਕੀਤੀ।	'ਯੁੱਧ ਨਸ਼ਿਆਂ ਵਿਰੁਧ' ਮੁਹਿੰਮ ਤਹਿਤ ਪੁਲਿਸ ਵਲੋਂ 8 ਮਹੀਨਿਆਂ 'ਚ
695 ਮੁਕਦਮੇ ਦਰਜ ਕਰ ਕੇ 1173 ਨਸ਼ਾ ਤਸਕਰਾਂ ਨੂੰ ਕੀਤਾ ਕਾਬੂ
ਸ੍ਰੀ ਮੁਕਤਸਰ ਸਾਹਿਬ, 7 ਨਵੰਬਰ (ਕਰਮਜੀਤ ਸਿੰਘ) :
ਪੰਜਾਬ ਸਰਕਾਰ ਵਲੋਂ ਚਲਾਈ ਜਾ ਰਹੀ 'ਯੁੱਧ ਨਸ਼ਿਆਂ ਵਿਰੁਧ' ਮੁਹਿੰਮ ਤਹਿਤ ਜ਼ਿਲ੍ਹਾ ਪੁਲਿਸ ਨੇ ਪਿਛਲੇ 8 ਮਹੀਨਿਆਂ ਦੌਰਾਨ ਵੱਡੀ ਸਫ਼ਲਤਾ ਹਾਸਲ ਕੀਤੀ ਹੈ। ਐਸਐਸਪੀ ਨੇ ਦਸਿਆ ਕਿ ਇਸ ਸਮੇਂ ਦੌਰਾਨ ਕੁਲ 695 ਮੁਕਦਮੇ ਦਰਜ ਕੀਤੇ ਗਏ।
ਇਨ੍ਹਾਂ ਮੁਕਦਮਿਆਂ ਵਿਚ 1173 ਨਸ਼ਾ ਤਸਕਰਾਂ ਨੂੰ ਗ੍ਰਿਫ਼ਤਾਰ ਕੀਤਾ ਗਿਆ ਤੇ ਉਨ੍ਹਾਂ ਕੋਲੋਂ ਭਾਰੀ ਮਾਤਰਾ ਵਿਚ ਨਸ਼ੀਲੇ ਪਦਾਰਥ ਬਰਾਮਦ ਹੋਏ।
ਬਰਾਮਦਗੀ ਦਾ ਵੇਰਵਾ :
1173 ਨਸ਼ਾ ਤਸਕਰਾਂ ਦੀ ਗ੍ਰਿਫ਼ਤਾਰੀ
ਹੈਰੋਇਨ 15.83 ਕਿਲੋਗ੍ਰਾਮ
53.32 ਕਿਲੋਗ੍ਰਾਮ ਅਫ਼ੀਮ, 1557.2
ਕਿਲੋਗ੍ਰਾਮ ਭੁੱਕੀ, 68,461 ਨਸ਼ੀਲੀਆਂ
ਗੋਲੀਆਂ/ਕੈਪਸੂਲ, 1,18,036.016
ਕਿਲੋਗ੍ਰਾਮ ਗਾਂਜਾ ਤੇ
7,67,920/- ਰੁਪਏ ਡਰੱਗ ਮਨੀ
ਬਰਾਮਦ ਕੀਤੀ ਗਈ।
ਨਸ਼ਾ ਤਸਕਰਾਂ ਦੀ 3,46,11,398/-
ਰੁਪਏ ਦੀ ਜਾਇਦਾਦ ਜ਼ਬਤ ਕੀਤੀ ਗਈ
ਐਸਐਸਪੀ ਪ੍ਰੈਸ ਕਾਨਫ਼ਰੰਸ ਦੌਰਾਨ।
ਐਸਐਸਪੀ ਨੇ ਕਿਹਾ ਕਿ ਨਸ਼ਾ ਤਸਕਰਾਂ ਵਿਰੁਧ ਮੁਹਿੰਮ ਅੱਗੇ ਵੀ ਇਸੇ ਤਰ੍ਹਾਂ ਜਾਰੀ ਰਹੇਗੀ। ਉਨ੍ਹਾਂ ਲੋਕਾਂ ਨੂੰ ਅਪੀਲ ਕੀਤੀ ਕਿ ਉਹ ਨਸ਼ਾ ਵੇਚਣ ਵਾਲਿਆਂ ਬਾਰੇ ਪੁਲਿਸ ਨੂੰ ਸੂਚਨਾ ਦੇਣ। ਸੂਚਨਾ ਦੇਣ ਵਾਲੇ ਦਾ ਨਾਂ ਗੁਪਤ ਰੱਖਿਆ ਜਾਵੇਗਾ। ਉਨ੍ਹਾਂ ਦਸਿਆ ਕਿ 1568 ਨਸ਼ਾ ਪੀੜਤਾਂ ਦਾ ਇਲਾਜ ਵੀ ਕਰਵਾਇਆ ਗਿਆ ਹੈ ਤੇ ਉਨ੍ਹਾਂ ਨੂੰ ਮੁੜ ਵਸੇਬਾ ਕੇਂਦਰਾਂ ਵਿਚ ਭੇਜਿਆ ਗਿਆ ਹੈ। ਪੁਲਿਸ ਵਲੋਂ ਪਿੰਡਾਂ ਵਿਚ ਜਾਗਰੂਕਤਾ ਕੈਂਪ ਵੀ ਲਗਾਏ ਜਾ ਰਹੇ ਹਨ।
